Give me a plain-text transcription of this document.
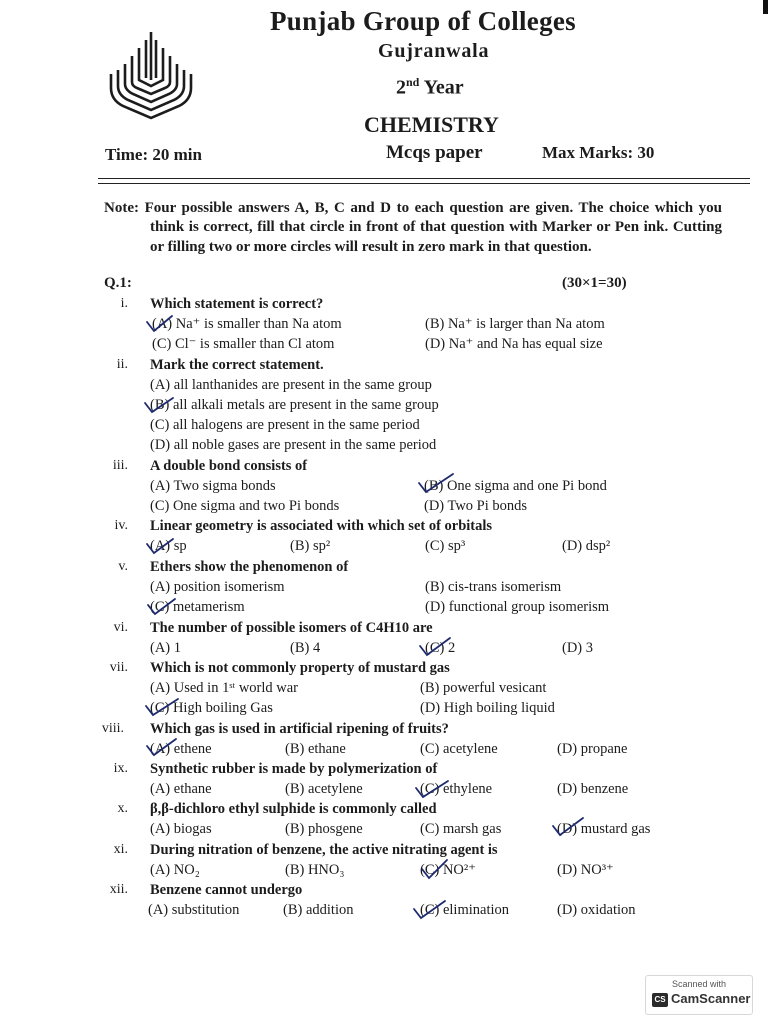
Punjab Group of Colleges
Gujranwala
2nd Year
CHEMISTRY
Time: 20 min	Mcqs paper	Max Marks: 30
Note: Four possible answers A, B, C and D to each question are given. The choice which you think is correct, fill that circle in front of that question with Marker or Pen ink. Cutting or filling two or more circles will result in zero mark in that question.
Q.1:	(30×1=30)
i. Which statement is correct?
(A) Na⁺ is smaller than Na atom	(B) Na⁺ is larger than Na atom
(C) Cl⁻ is smaller than Cl atom	(D) Na⁺ and Na has equal size
ii. Mark the correct statement.
(A) all lanthanides are present in the same group
(B) all alkali metals are present in the same group
(C) all halogens are present in the same period
(D) all noble gases are present in the same period
iii. A double bond consists of
(A) Two sigma bonds	(B) One sigma and one Pi bond
(C) One sigma and two Pi bonds	(D) Two Pi bonds
iv. Linear geometry is associated with which set of orbitals
(A) sp	(B) sp²	(C) sp³	(D) dsp²
v. Ethers show the phenomenon of
(A) position isomerism	(B) cis-trans isomerism
(C) metamerism	(D) functional group isomerism
vi. The number of possible isomers of C4H10 are
(A) 1	(B) 4	(C) 2	(D) 3
vii. Which is not commonly property of mustard gas
(A) Used in 1ˢᵗ world war	(B) powerful vesicant
(C) High boiling Gas	(D) High boiling liquid
viii. Which gas is used in artificial ripening of fruits?
(A) ethene	(B) ethane	(C) acetylene	(D) propane
ix. Synthetic rubber is made by polymerization of
(A) ethane	(B) acetylene	(C) ethylene	(D) benzene
x. β,β-dichloro ethyl sulphide is commonly called
(A) biogas	(B) phosgene	(C) marsh gas	(D) mustard gas
xi. During nitration of benzene, the active nitrating agent is
(A) NO₂	(B) HNO₃	(C) NO²⁺	(D) NO³⁺
xii. Benzene cannot undergo
(A) substitution	(B) addition	(C) elimination	(D) oxidation
Scanned with
CS CamScanner
